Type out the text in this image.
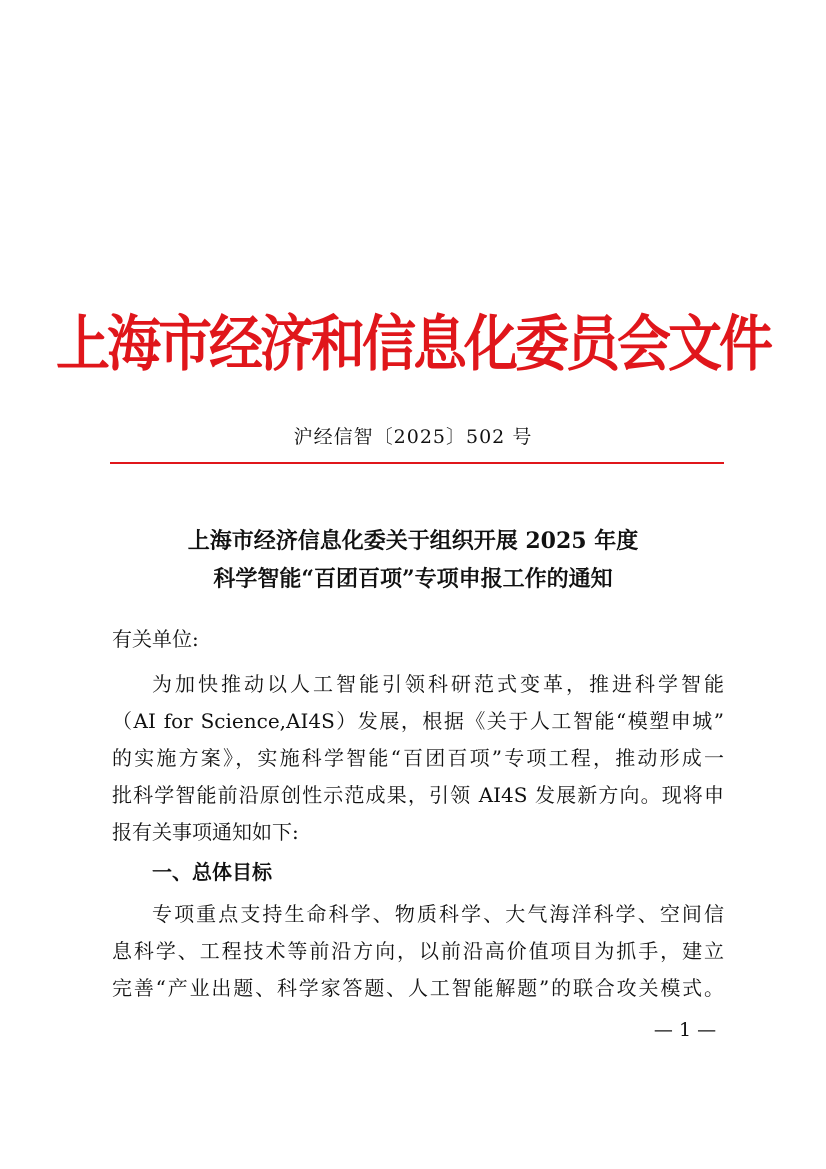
上海市经济和信息化委员会文件
沪经信智〔2025〕502 号
上海市经济信息化委关于组织开展 2025 年度
科学智能“百团百项”专项申报工作的通知
有关单位:
为加快推动以人工智能引领科研范式变革，推进科学智能
（AI for Science,AI4S）发展，根据《关于人工智能“模塑申城”
的实施方案》，实施科学智能“百团百项”专项工程，推动形成一
批科学智能前沿原创性示范成果，引领 AI4S 发展新方向。现将申
报有关事项通知如下:
一、总体目标
专项重点支持生命科学、物质科学、大气海洋科学、空间信
息科学、工程技术等前沿方向，以前沿高价值项目为抓手，建立
完善“产业出题、科学家答题、人工智能解题”的联合攻关模式。
— 1 —
